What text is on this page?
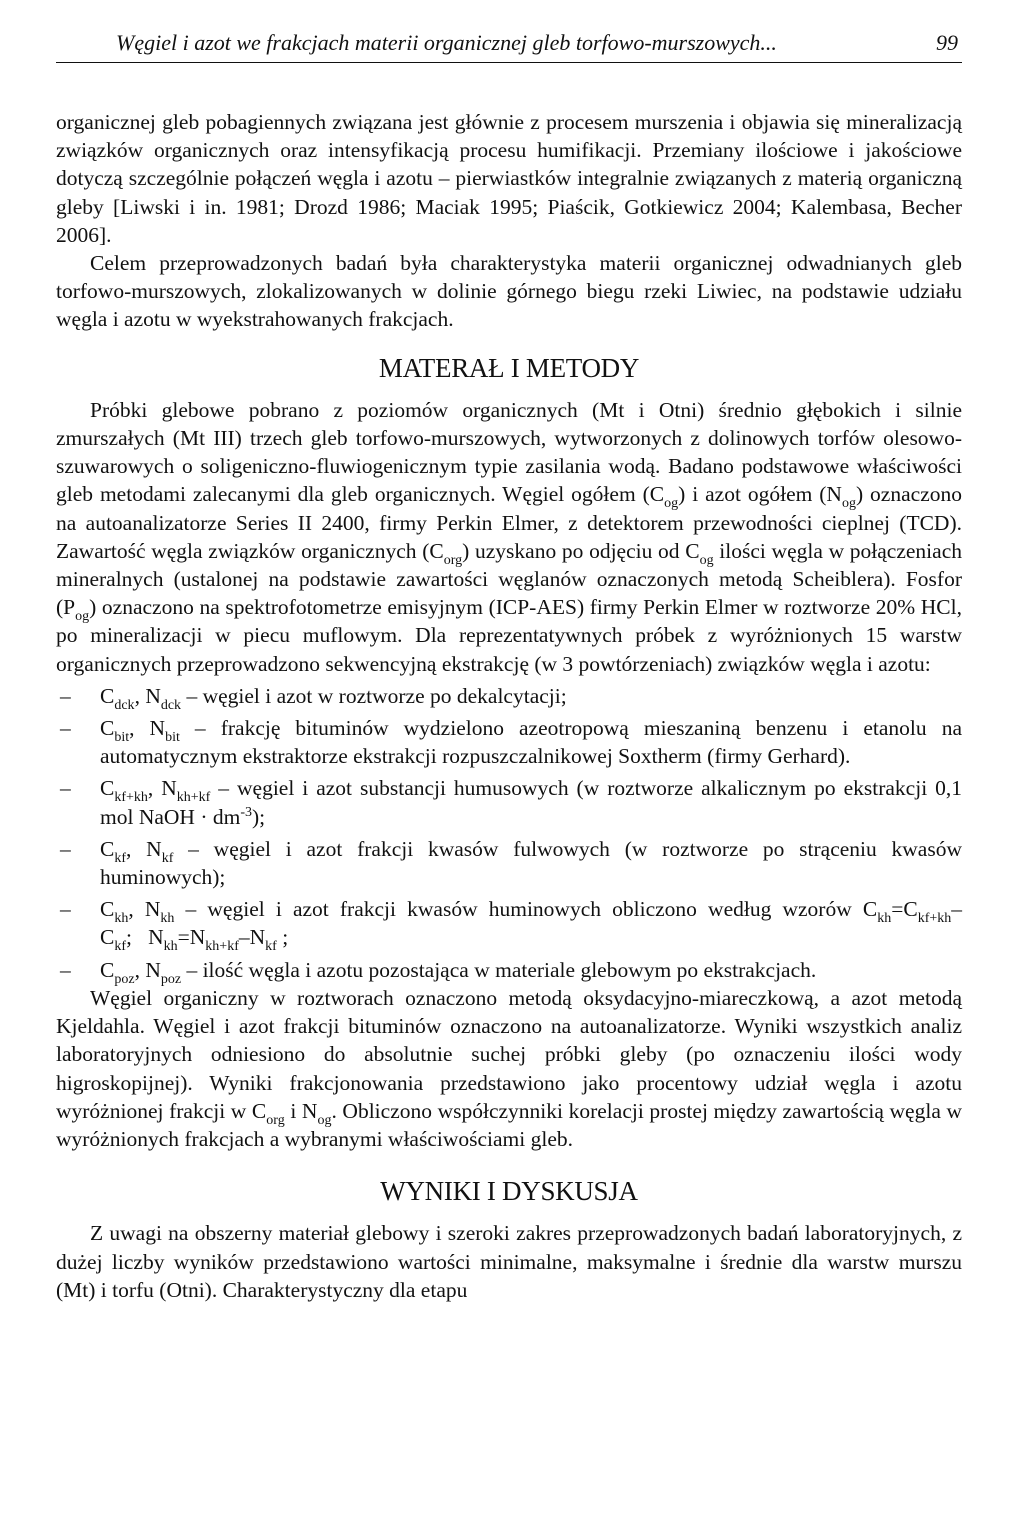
Węgiel i azot we frakcjach materii organicznej gleb torfowo-murszowych...	99

organicznej gleb pobagiennych związana jest głównie z procesem murszenia i objawia się mineralizacją związków organicznych oraz intensyfikacją procesu humifikacji. Przemiany ilościowe i jakościowe dotyczą szczególnie połączeń węgla i azotu – pierwiastków integralnie związanych z materią organiczną gleby [Liwski i in. 1981; Drozd 1986; Maciak 1995; Piaścik, Gotkiewicz 2004; Kalembasa, Becher 2006].

Celem przeprowadzonych badań była charakterystyka materii organicznej odwadnianych gleb torfowo-murszowych, zlokalizowanych w dolinie górnego biegu rzeki Liwiec, na podstawie udziału węgla i azotu w wyekstrahowanych frakcjach.

MATERAŁ I METODY

Próbki glebowe pobrano z poziomów organicznych (Mt i Otni) średnio głębokich i silnie zmurszałych (Mt III) trzech gleb torfowo-murszowych, wytworzonych z dolinowych torfów olesowo-szuwarowych o soligeniczno-fluwiogenicznym typie zasilania wodą. Badano podstawowe właściwości gleb metodami zalecanymi dla gleb organicznych. Węgiel ogółem $(C_{og})$ i azot ogółem $(N_{og})$ oznaczono na autoanalizatorze Series II 2400, firmy Perkin Elmer, z detektorem przewodności cieplnej (TCD). Zawartość węgla związków organicznych $(C_{org})$ uzyskano po odjęciu od $C_{og}$ ilości węgla w połączeniach mineralnych (ustalonej na podstawie zawartości węglanów oznaczonych metodą Scheiblera). Fosfor $(P_{og})$ oznaczono na spektrofotometrze emisyjnym (ICP-AES) firmy Perkin Elmer w roztworze 20% HCl, po mineralizacji w piecu muflowym. Dla reprezentatywnych próbek z wyróżnionych 15 warstw organicznych przeprowadzono sekwencyjną ekstrakcję (w 3 powtórzeniach) związków węgla i azotu:

– $C_{dck}$, $N_{dck}$ – węgiel i azot w roztworze po dekalcytacji;
– $C_{bit}$, $N_{bit}$ – frakcję bituminów wydzielono azeotropową mieszaniną benzenu i etanolu na automatycznym ekstraktorze ekstrakcji rozpuszczalnikowej Soxtherm (firmy Gerhard).
– $C_{kf+kh}$, $N_{kh+kf}$ – węgiel i azot substancji humusowych (w roztworze alkalicznym po ekstrakcji 0,1 mol NaOH · $dm^{-3}$);
– $C_{kf}$, $N_{kf}$ – węgiel i azot frakcji kwasów fulwowych (w roztworze po strąceniu kwasów huminowych);
– $C_{kh}$, $N_{kh}$ – węgiel i azot frakcji kwasów huminowych obliczono według wzorów $C_{kh}=C_{kf+kh}-$ $C_{kf}$;   $N_{kh}=N_{kh+kf}-N_{kf}$ ;
– $C_{poz}$, $N_{poz}$ – ilość węgla i azotu pozostająca w materiale glebowym po ekstrakcjach.

Węgiel organiczny w roztworach oznaczono metodą oksydacyjno-miareczkową, a azot metodą Kjeldahla. Węgiel i azot frakcji bituminów oznaczono na autoanalizatorze. Wyniki wszystkich analiz laboratoryjnych odniesiono do absolutnie suchej próbki gleby (po oznaczeniu ilości wody higroskopijnej). Wyniki frakcjonowania przedstawiono jako procentowy udział węgla i azotu wyróżnionej frakcji w $C_{org}$ i $N_{og}$. Obliczono współczynniki korelacji prostej między zawartością węgla w wyróżnionych frakcjach a wybranymi właściwościami gleb.

WYNIKI I DYSKUSJA

Z uwagi na obszerny materiał glebowy i szeroki zakres przeprowadzonych badań laboratoryjnych, z dużej liczby wyników przedstawiono wartości minimalne, maksymalne i średnie dla warstw murszu (Mt) i torfu (Otni). Charakterystyczny dla etapu
